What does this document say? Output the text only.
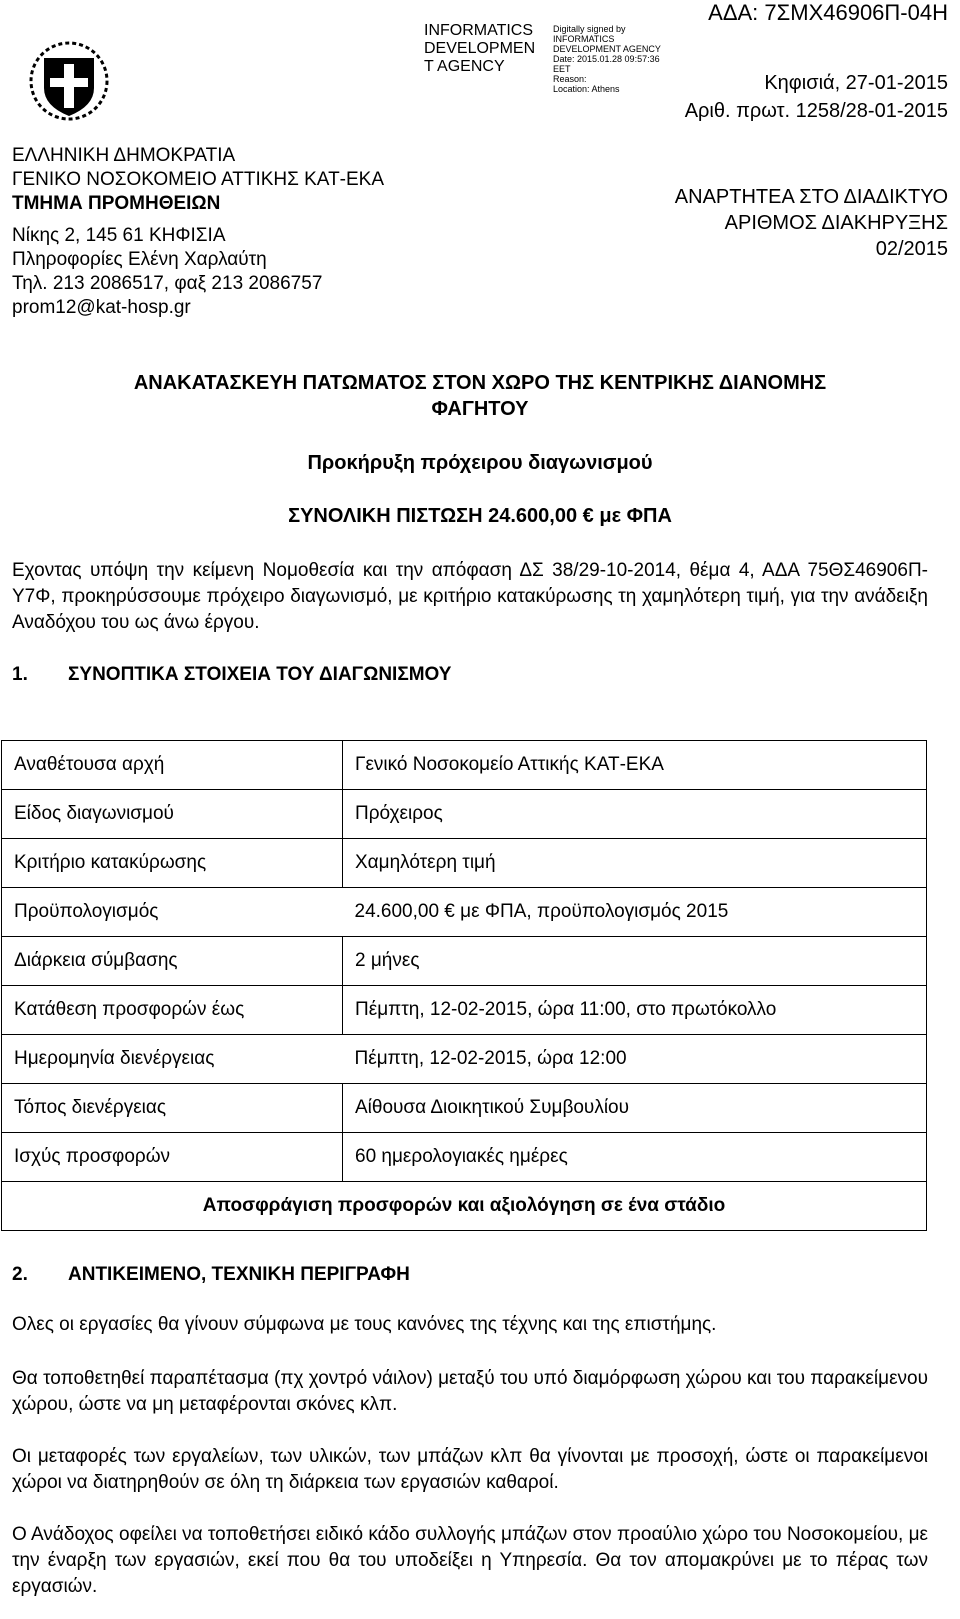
ΕΛΛΗΝΙΚΗ ΔΗΜΟΚΡΑΤΙΑ
ΓΕΝΙΚΟ ΝΟΣΟΚΟΜΕΙΟ ΑΤΤΙΚΗΣ ΚΑΤ-ΕΚΑ
ΤΜΗΜΑ ΠΡΟΜΗΘΕΙΩΝ
Νίκης 2, 145 61 ΚΗΦΙΣΙΑ
Πληροφορίες Ελένη Χαρλαύτη
Τηλ. 213 2086517, φαξ 213 2086757
prom12@kat-hosp.gr
INFORMATICS
DEVELOPMEN
T AGENCY
Digitally signed by
INFORMATICS
DEVELOPMENT AGENCY
Date: 2015.01.28 09:57:36
EET
Reason:
Location: Athens
ΑΔΑ: 7ΣΜΧ46906Π-04Η
Κηφισιά, 27-01-2015
Αριθ. πρωτ. 1258/28-01-2015
ΑΝΑΡΤΗΤΕΑ ΣΤΟ ΔΙΑΔΙΚΤΥΟ
ΑΡΙΘΜΟΣ ΔΙΑΚΗΡΥΞΗΣ
02/2015
ΑΝΑΚΑΤΑΣΚΕΥΗ ΠΑΤΩΜΑΤΟΣ ΣΤΟΝ ΧΩΡΟ ΤΗΣ ΚΕΝΤΡΙΚΗΣ ΔΙΑΝΟΜΗΣ
ΦΑΓΗΤΟΥ
Προκήρυξη πρόχειρου διαγωνισμού
ΣΥΝΟΛΙΚΗ ΠΙΣΤΩΣΗ 24.600,00 € με ΦΠΑ
Εχοντας υπόψη την κείμενη Νομοθεσία και την απόφαση ΔΣ 38/29-10-2014, θέμα 4, ΑΔΑ 75ΘΣ46906Π-Υ7Φ, προκηρύσσουμε πρόχειρο διαγωνισμό, με κριτήριο κατακύρωσης τη χαμηλότερη τιμή, για την ανάδειξη Αναδόχου του ως άνω έργου.
1. ΣΥΝΟΠΤΙΚΑ ΣΤΟΙΧΕΙΑ ΤΟΥ ΔΙΑΓΩΝΙΣΜΟΥ
Αναθέτουσα αρχή	Γενικό Νοσοκομείο Αττικής ΚΑΤ-ΕΚΑ
Είδος διαγωνισμού	Πρόχειρος
Κριτήριο κατακύρωσης	Χαμηλότερη τιμή
Προϋπολογισμός	24.600,00 € με ΦΠΑ, προϋπολογισμός 2015
Διάρκεια σύμβασης	2 μήνες
Κατάθεση προσφορών έως	Πέμπτη, 12-02-2015, ώρα 11:00, στο πρωτόκολλο
Ημερομηνία διενέργειας	Πέμπτη, 12-02-2015, ώρα 12:00
Τόπος διενέργειας	Αίθουσα Διοικητικού Συμβουλίου
Ισχύς προσφορών	60 ημερολογιακές ημέρες
Αποσφράγιση προσφορών και αξιολόγηση σε ένα στάδιο	
2. ΑΝΤΙΚΕΙΜΕΝΟ, ΤΕΧΝΙΚΗ ΠΕΡΙΓΡΑΦΗ
Ολες οι εργασίες θα γίνουν σύμφωνα με τους κανόνες της τέχνης και της επιστήμης.
Θα τοποθετηθεί παραπέτασμα (πχ χοντρό νάιλον) μεταξύ του υπό διαμόρφωση χώρου και του παρακείμενου χώρου, ώστε να μη μεταφέρονται σκόνες κλπ.
Οι μεταφορές των εργαλείων, των υλικών, των μπάζων κλπ θα γίνονται με προσοχή, ώστε οι παρακείμενοι χώροι να διατηρηθούν σε όλη τη διάρκεια των εργασιών καθαροί.
Ο Ανάδοχος οφείλει να τοποθετήσει ειδικό κάδο συλλογής μπάζων στον προαύλιο χώρο του Νοσοκομείου, με την έναρξη των εργασιών, εκεί που θα του υποδείξει η Υπηρεσία. Θα τον απομακρύνει με το πέρας των εργασιών.
